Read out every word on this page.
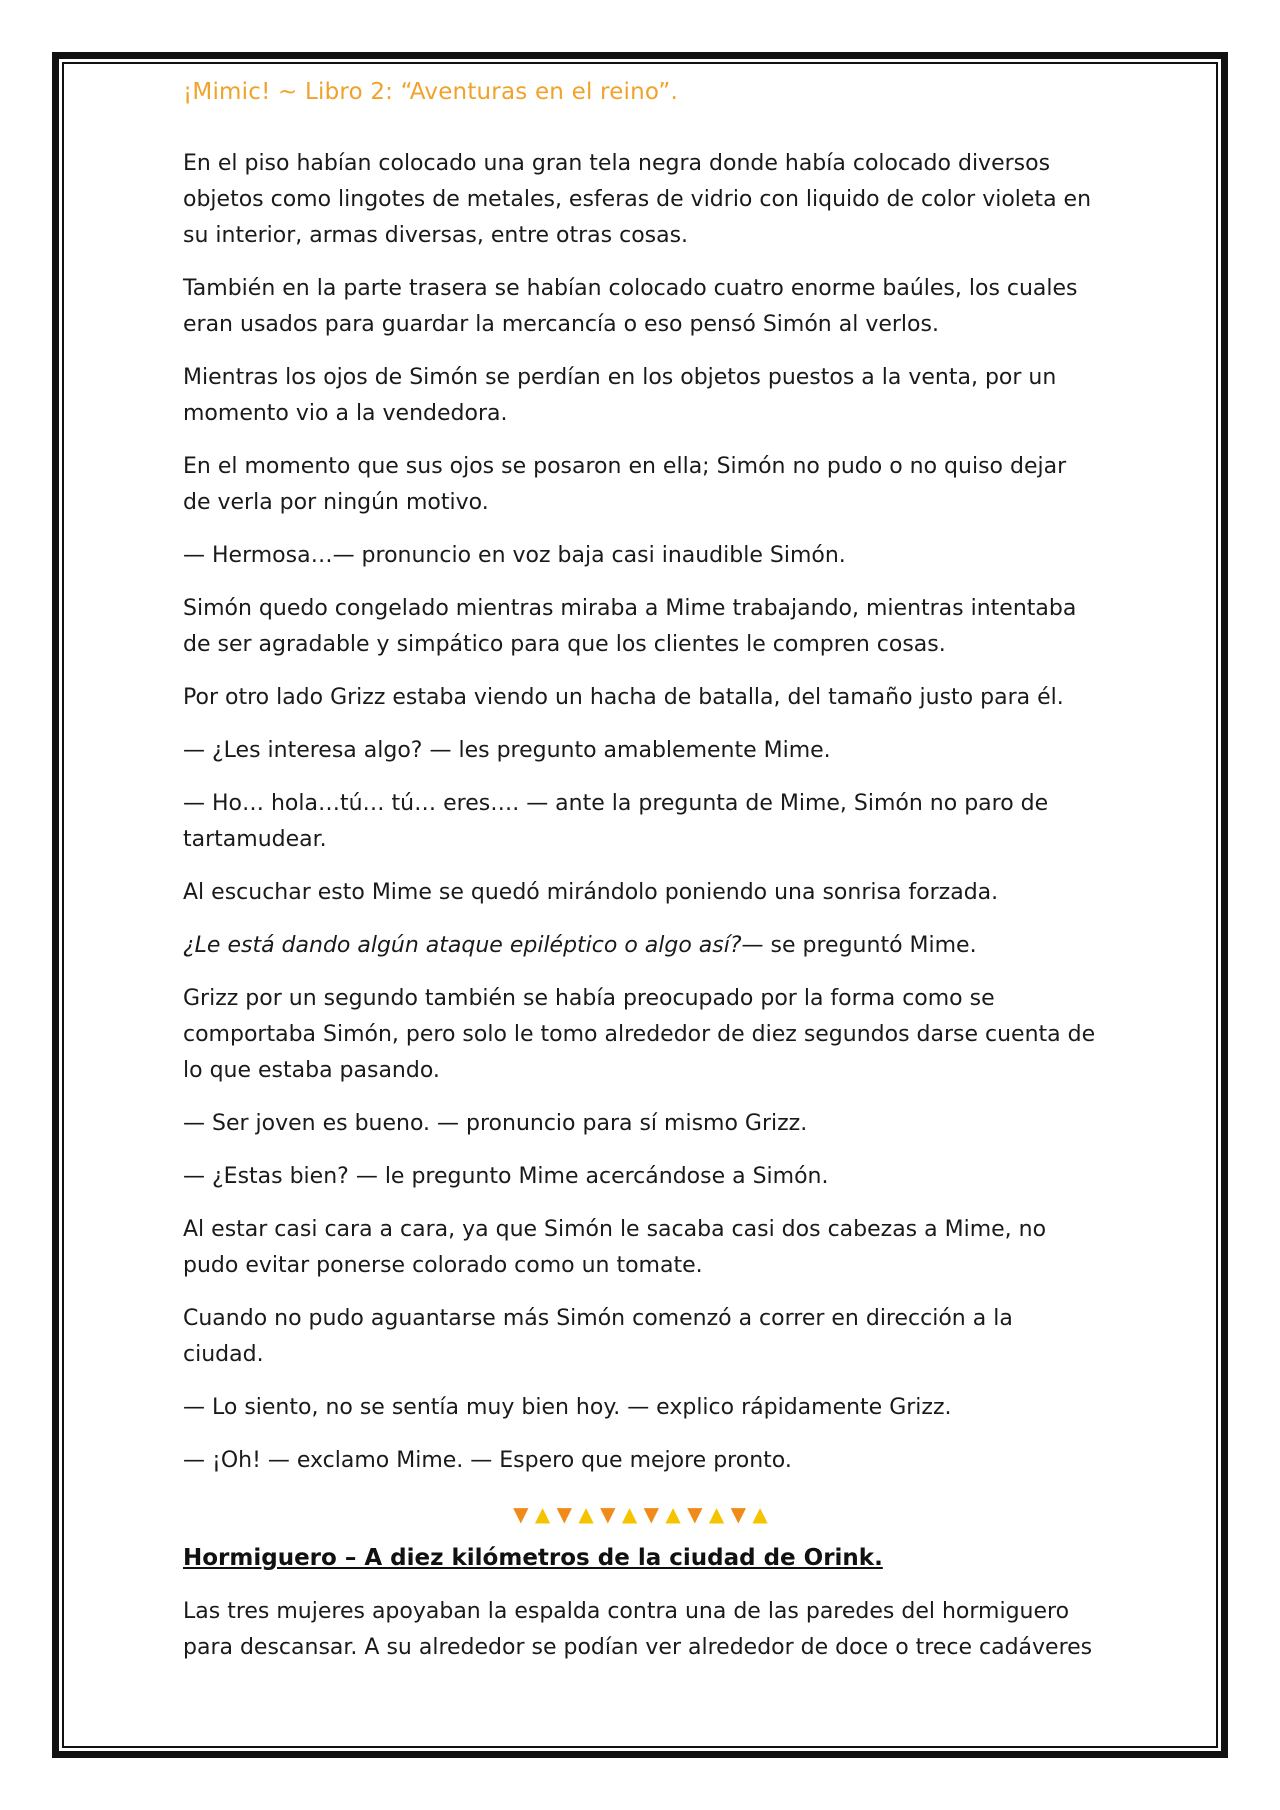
¡Mimic! ~ Libro 2: “Aventuras en el reino”.

En el piso habían colocado una gran tela negra donde había colocado diversos objetos como lingotes de metales, esferas de vidrio con liquido de color violeta en su interior, armas diversas, entre otras cosas.

También en la parte trasera se habían colocado cuatro enorme baúles, los cuales eran usados para guardar la mercancía o eso pensó Simón al verlos.

Mientras los ojos de Simón se perdían en los objetos puestos a la venta, por un momento vio a la vendedora.

En el momento que sus ojos se posaron en ella; Simón no pudo o no quiso dejar de verla por ningún motivo.

— Hermosa…— pronuncio en voz baja casi inaudible Simón.

Simón quedo congelado mientras miraba a Mime trabajando, mientras intentaba de ser agradable y simpático para que los clientes le compren cosas.

Por otro lado Grizz estaba viendo un hacha de batalla, del tamaño justo para él.

— ¿Les interesa algo? — les pregunto amablemente Mime.

— Ho… hola…tú… tú… eres…. — ante la pregunta de Mime, Simón no paro de tartamudear.

Al escuchar esto Mime se quedó mirándolo poniendo una sonrisa forzada.

¿Le está dando algún ataque epiléptico o algo así?— se preguntó Mime.

Grizz por un segundo también se había preocupado por la forma como se comportaba Simón, pero solo le tomo alrededor de diez segundos darse cuenta de lo que estaba pasando.

— Ser joven es bueno. — pronuncio para sí mismo Grizz.

— ¿Estas bien? — le pregunto Mime acercándose a Simón.

Al estar casi cara a cara, ya que Simón le sacaba casi dos cabezas a Mime, no pudo evitar ponerse colorado como un tomate.

Cuando no pudo aguantarse más Simón comenzó a correr en dirección a la ciudad.

— Lo siento, no se sentía muy bien hoy. — explico rápidamente Grizz.

— ¡Oh! — exclamo Mime. — Espero que mejore pronto.

▼ ▲ ▼ ▲ ▼ ▲ ▼ ▲ ▼ ▲ ▼ ▲
Hormiguero – A diez kilómetros de la ciudad de Orink.

Las tres mujeres apoyaban la espalda contra una de las paredes del hormiguero para descansar. A su alrededor se podían ver alrededor de doce o trece cadáveres
